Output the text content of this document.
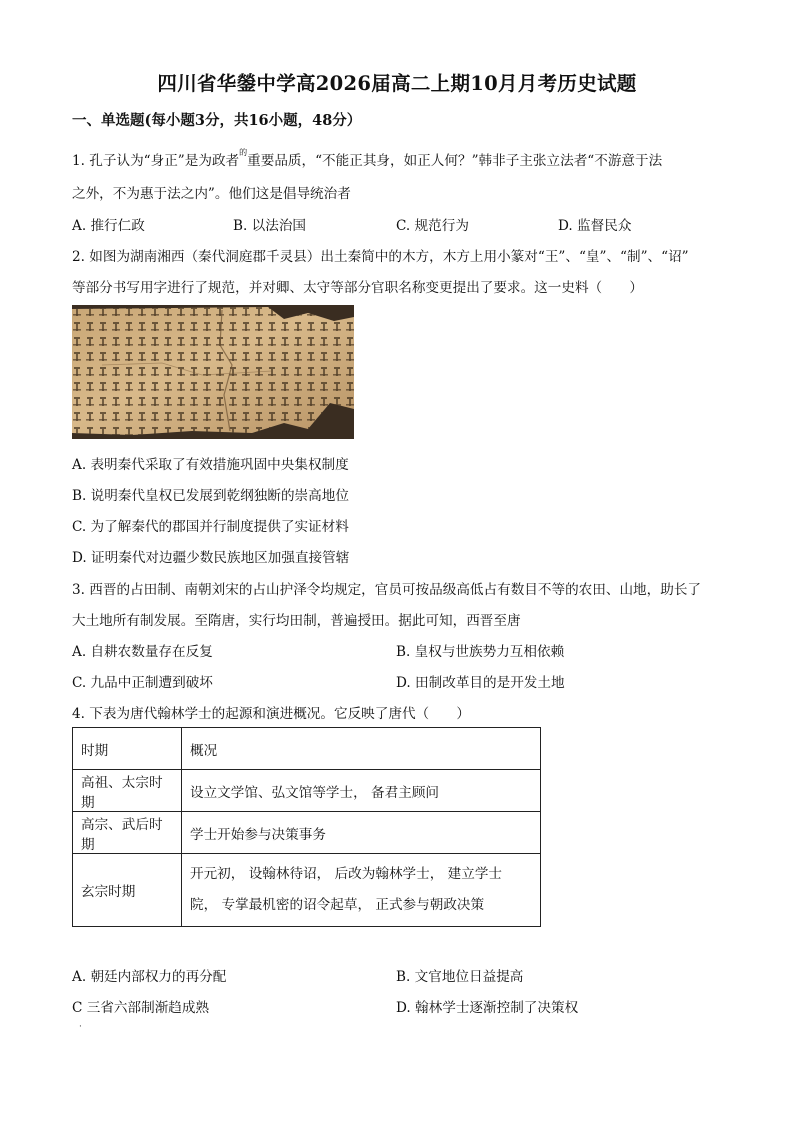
四川省华鎣中学高2026届高二上期10月月考历史试题
一、单选题(每小题3分，共16小题，48分）
1. 孔子认为“身正”是为政者$^的$重要品质，“不能正其身，如正人何？”韩非子主张立法者“不游意于法
之外，不为惠于法之内”。他们这是倡导统治者
A. 推行仁政	B. 以法治国	C. 规范行为	D. 监督民众
2. 如图为湖南湘西（秦代洞庭郡千灵县）出土秦简中的木方，木方上用小篆对“王”、“皇”、“制”、“诏”
等部分书写用字进行了规范，并对卿、太守等部分官职名称变更提出了要求。这一史料（　　）
A. 表明秦代采取了有效措施巩固中央集权制度
B. 说明秦代皇权已发展到乾纲独断的崇高地位
C. 为了解秦代的郡国并行制度提供了实证材料
D. 证明秦代对边疆少数民族地区加强直接管辖
3. 西晋的占田制、南朝刘宋的占山护泽令均规定，官员可按品级高低占有数目不等的农田、山地，助长了
大土地所有制发展。至隋唐，实行均田制，普遍授田。据此可知，西晋至唐
A. 自耕农数量存在反复	B. 皇权与世族势力互相依赖
C. 九品中正制遭到破坏	D. 田制改革目的是开发土地
4. 下表为唐代翰林学士的起源和演进概况。它反映了唐代（　　）
时期	概况
高祖、太宗时期	设立文学馆、弘文馆等学士， 备君主顾问
高宗、武后时期	学士开始参与决策事务
玄宗时期	开元初， 设翰林待诏， 后改为翰林学士， 建立学士
院， 专掌最机密的诏令起草， 正式参与朝政决策
A. 朝廷内部权力的再分配	B. 文官地位日益提高
C 三省六部制渐趋成熟	D. 翰林学士逐渐控制了决策权
·
